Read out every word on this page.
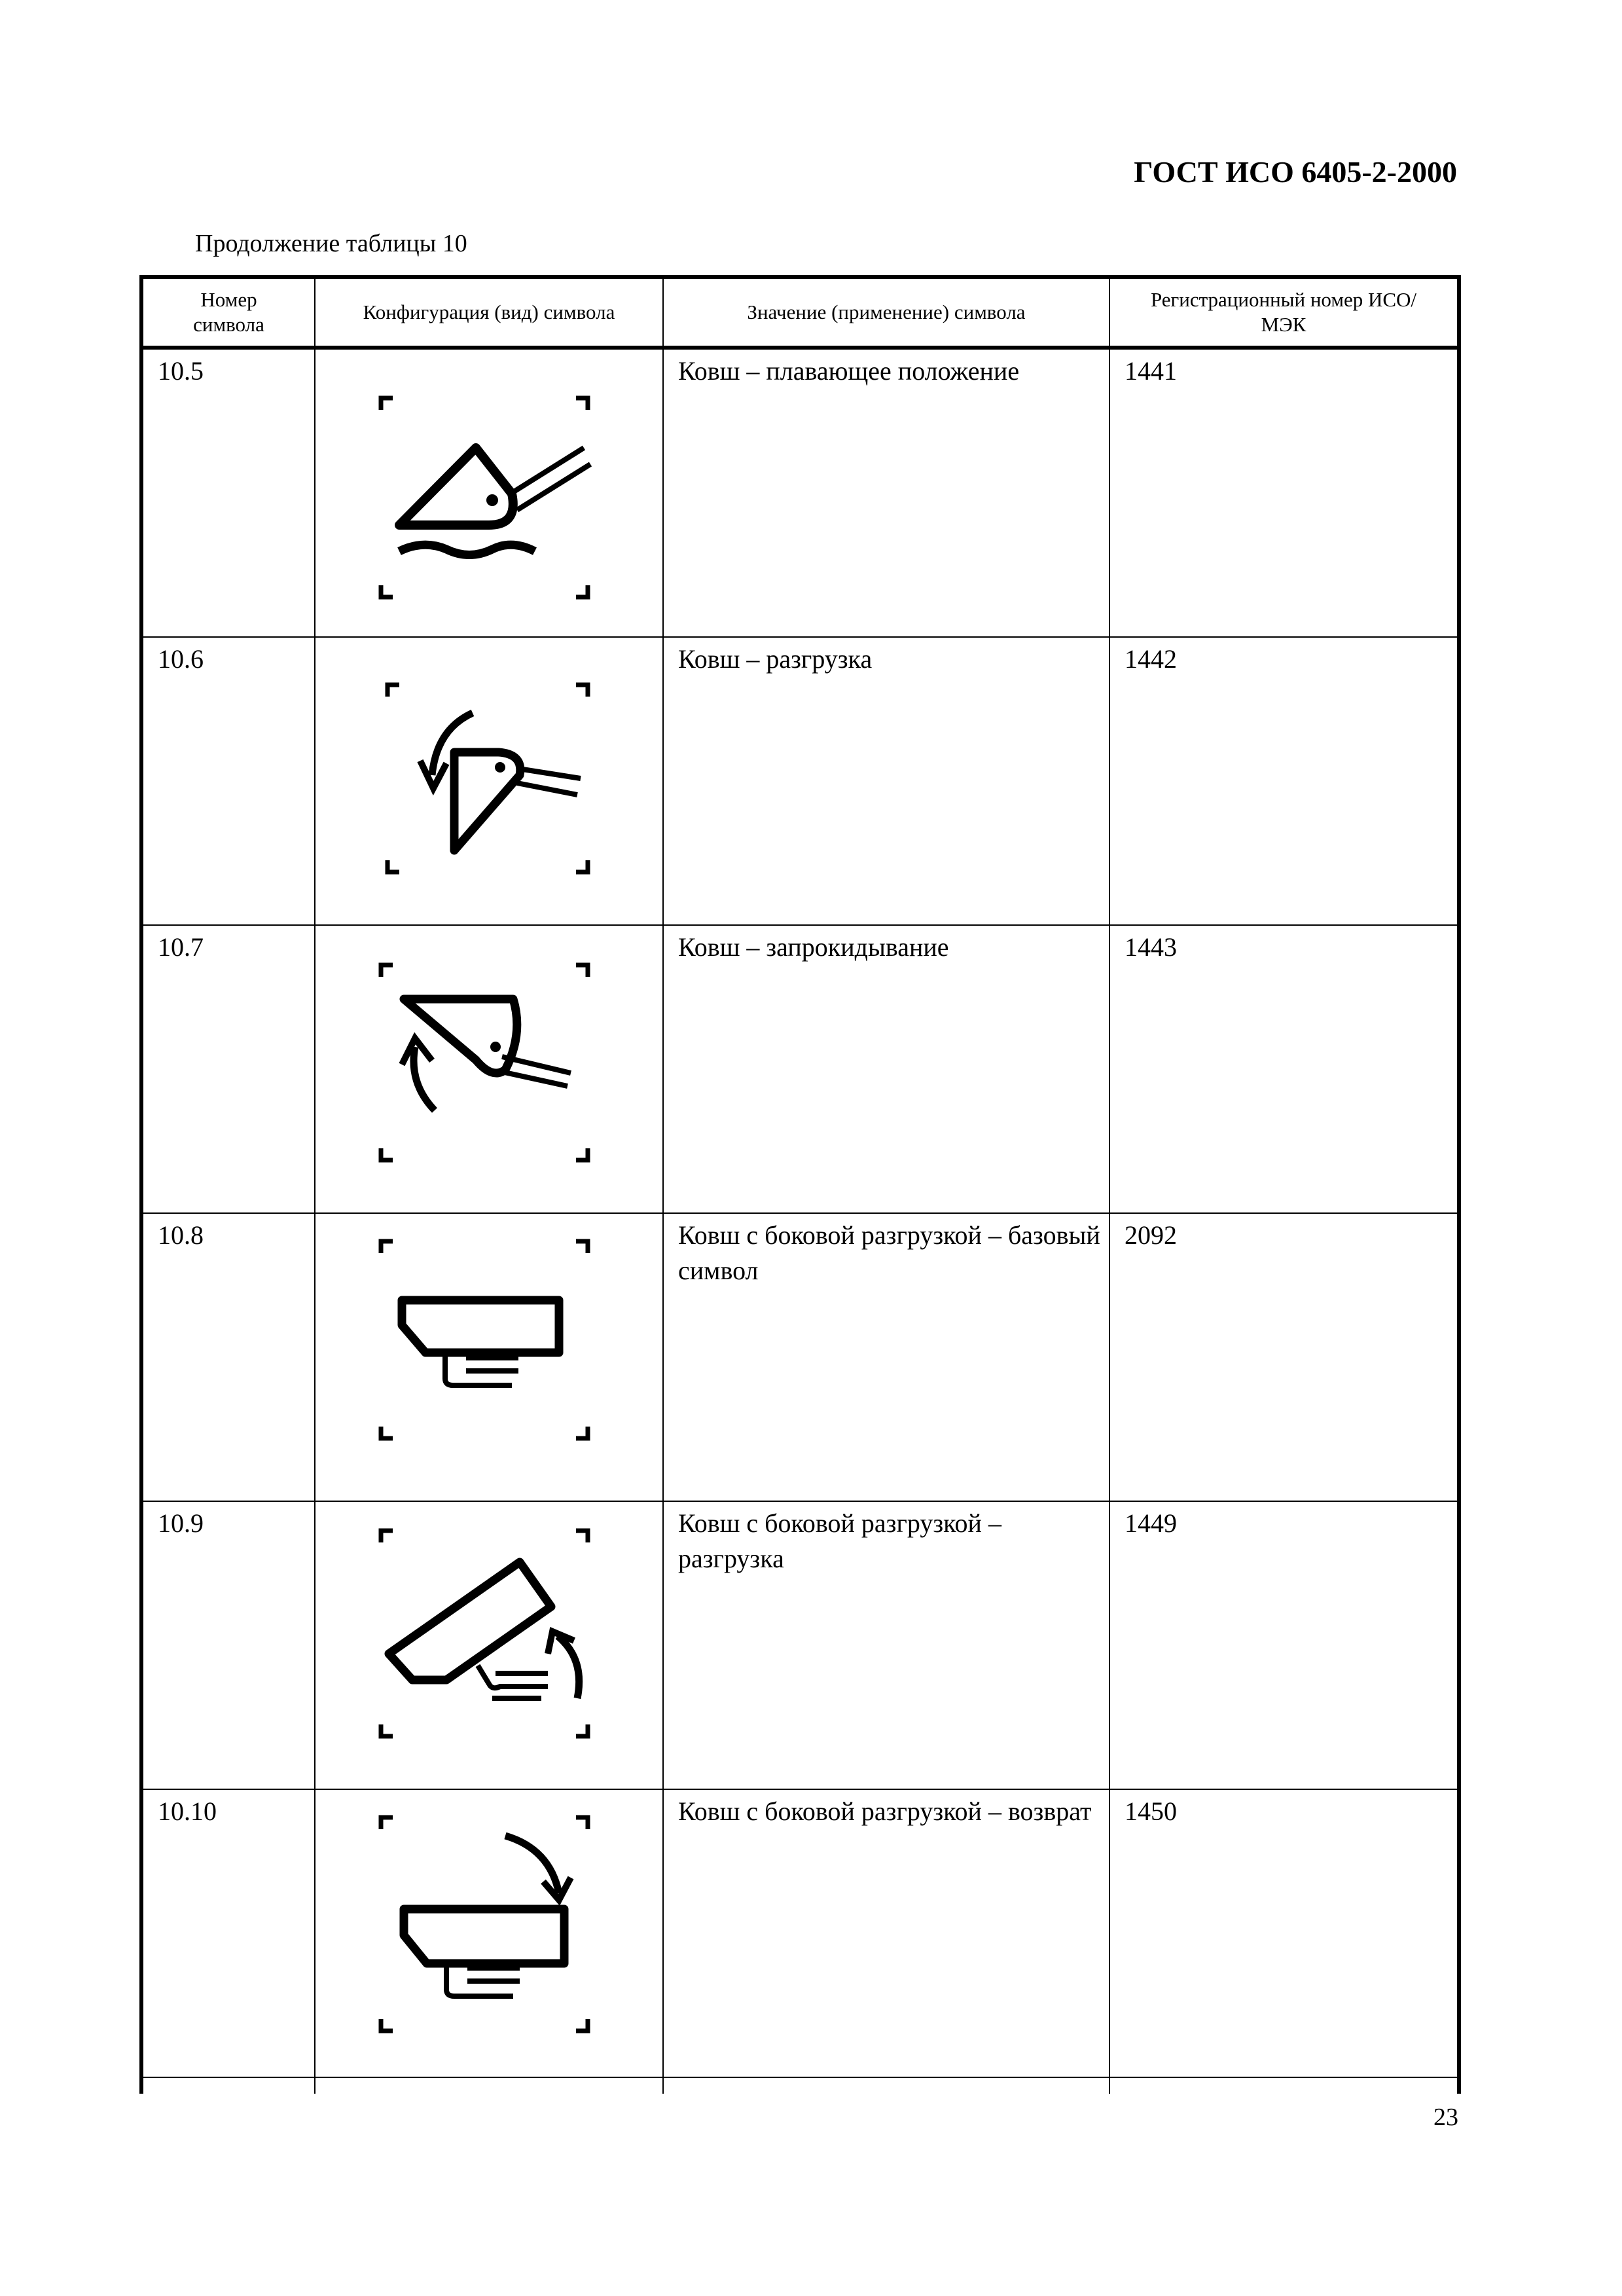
ГОСТ ИСО 6405-2-2000
Продолжение таблицы 10
Номер символа	Конфигурация (вид) символа	Значение (применение) символа	Регистрационный номер ИСО/МЭК
10.5		Ковш – плавающее положение	1441
10.6		Ковш – разгрузка	1442
10.7		Ковш – запрокидывание	1443
10.8		Ковш с боковой разгрузкой – базовый символ	2092
10.9		Ковш с боковой разгрузкой – разгрузка	1449
10.10		Ковш с боковой разгрузкой – возврат	1450

23
